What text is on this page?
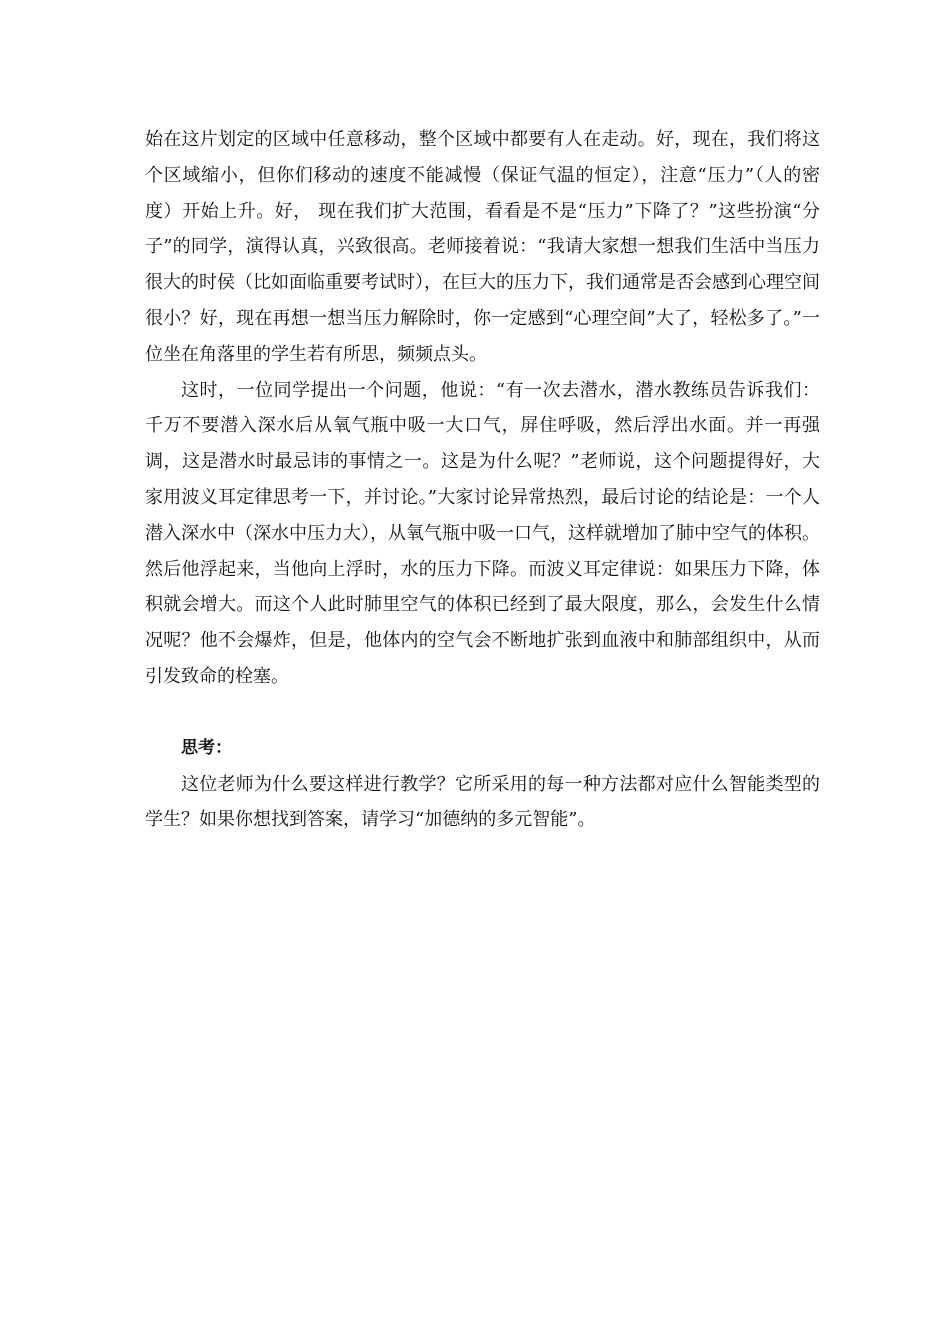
始在这片划定的区域中任意移动，整个区域中都要有人在走动。好，现在，我们将这个区域缩小，但你们移动的速度不能减慢（保证气温的恒定），注意“压力”（人的密度）开始上升。好， 现在我们扩大范围，看看是不是“压力”下降了？”这些扮演“分子”的同学，演得认真，兴致很高。老师接着说：“我请大家想一想我们生活中当压力很大的时侯（比如面临重要考试时），在巨大的压力下，我们通常是否会感到心理空间很小？好，现在再想一想当压力解除时，你一定感到“心理空间”大了，轻松多了。”一位坐在角落里的学生若有所思，频频点头。

这时，一位同学提出一个问题，他说：“有一次去潜水，潜水教练员告诉我们：千万不要潜入深水后从氧气瓶中吸一大口气，屏住呼吸，然后浮出水面。并一再强调，这是潜水时最忌讳的事情之一。这是为什么呢？”老师说，这个问题提得好，大家用波义耳定律思考一下，并讨论。”大家讨论异常热烈，最后讨论的结论是：一个人潜入深水中（深水中压力大），从氧气瓶中吸一口气，这样就增加了肺中空气的体积。然后他浮起来，当他向上浮时，水的压力下降。而波义耳定律说：如果压力下降，体积就会增大。而这个人此时肺里空气的体积已经到了最大限度，那么，会发生什么情况呢？他不会爆炸，但是，他体内的空气会不断地扩张到血液中和肺部组织中，从而引发致命的栓塞。

思考：

这位老师为什么要这样进行教学？它所采用的每一种方法都对应什么智能类型的学生？如果你想找到答案，请学习“加德纳的多元智能”。
